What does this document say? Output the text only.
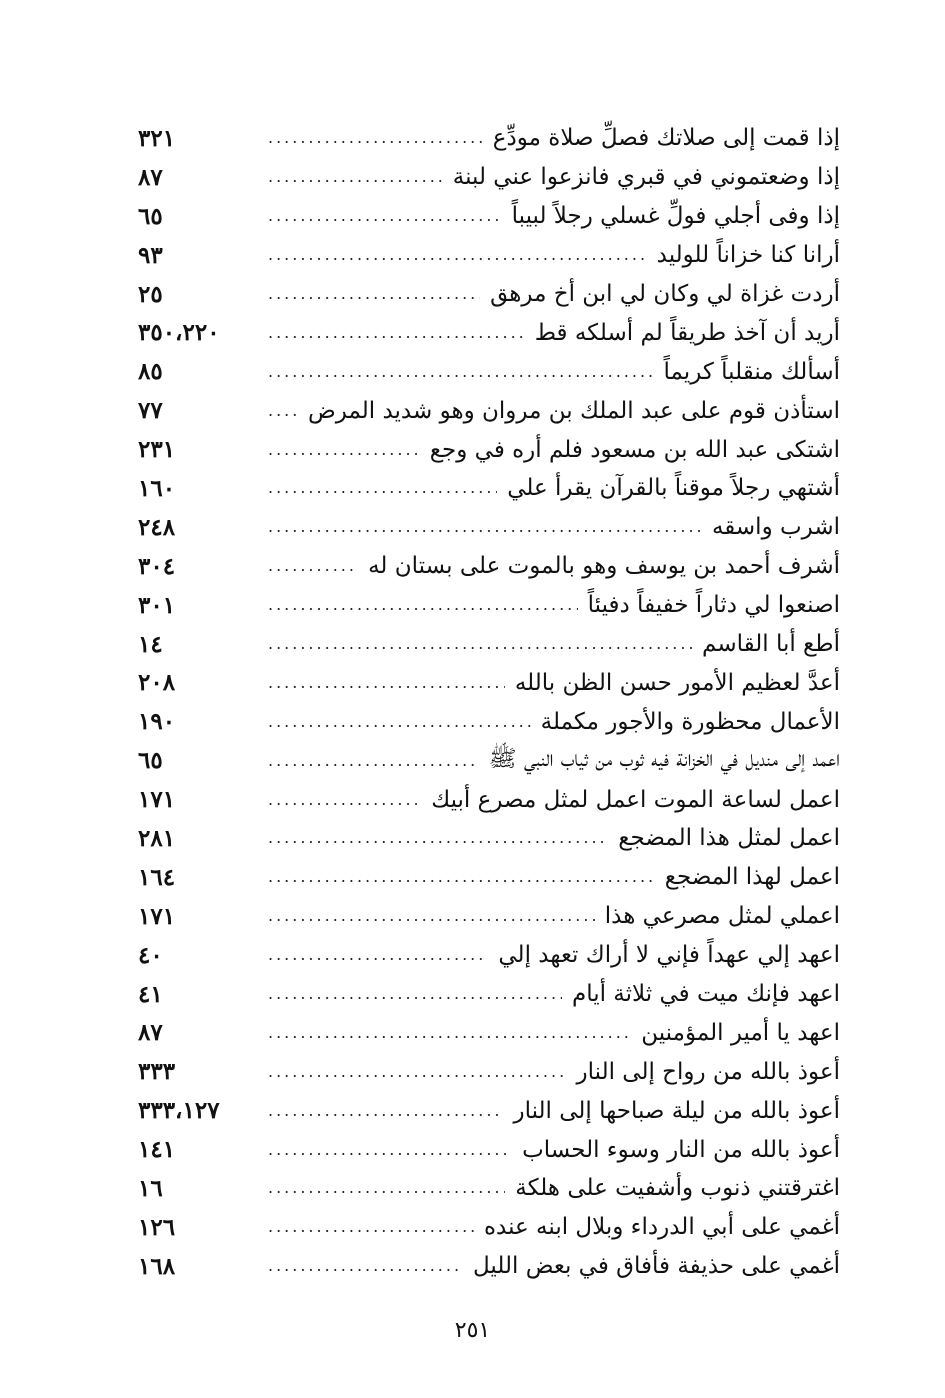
٣٢١ .....	إذا قمت إلى صلاتك فصلِّ صلاة مودِّع
٨٧ .....	إذا وضعتموني في قبري فانزعوا عني لبنة
٦٥ .....	إذا وفى أجلي فولِّ غسلي رجلاً لبيباً
٩٣ .....	أرانا كنا خزاناً للوليد
٢٥ .....	أردت غزاة لي وكان لي ابن أخ مرهق
٣٥٠،٢٢٠ .....	أريد أن آخذ طريقاً لم أسلكه قط
٨٥ .....	أسألك منقلباً كريماً
٧٧ .....	استأذن قوم على عبد الملك بن مروان وهو شديد المرض
٢٣١ .....	اشتكى عبد الله بن مسعود فلم أره في وجع
١٦٠ .....	أشتهي رجلاً موقناً بالقرآن يقرأ علي
٢٤٨ .....	اشرب واسقه
٣٠٤ .....	أشرف أحمد بن يوسف وهو بالموت على بستان له
٣٠١ .....	اصنعوا لي دثاراً خفيفاً دفيئاً
١٤ .....	أطع أبا القاسم
٢٠٨ .....	أعدَّ لعظيم الأمور حسن الظن بالله
١٩٠ .....	الأعمال محظورة والأجور مكملة
٦٥ .....	اعمد إلى منديل في الخزانة فيه ثوب من ثياب النبي ﷺ
١٧١ .....	اعمل لساعة الموت اعمل لمثل مصرع أبيك
٢٨١ .....	اعمل لمثل هذا المضجع
١٦٤ .....	اعمل لهذا المضجع
١٧١ .....	اعملي لمثل مصرعي هذا
٤٠ .....	اعهد إلي عهداً فإني لا أراك تعهد إلي
٤١ .....	اعهد فإنك ميت في ثلاثة أيام
٨٧ .....	اعهد يا أمير المؤمنين
٣٣٣ .....	أعوذ بالله من رواح إلى النار
٣٣٣،١٢٧ .....	أعوذ بالله من ليلة صباحها إلى النار
١٤١ .....	أعوذ بالله من النار وسوء الحساب
١٦ .....	اغترقتني ذنوب وأشفيت على هلكة
١٢٦ .....	أغمي على أبي الدرداء وبلال ابنه عنده
١٦٨ .....	أغمي على حذيفة فأفاق في بعض الليل
٢٥١
